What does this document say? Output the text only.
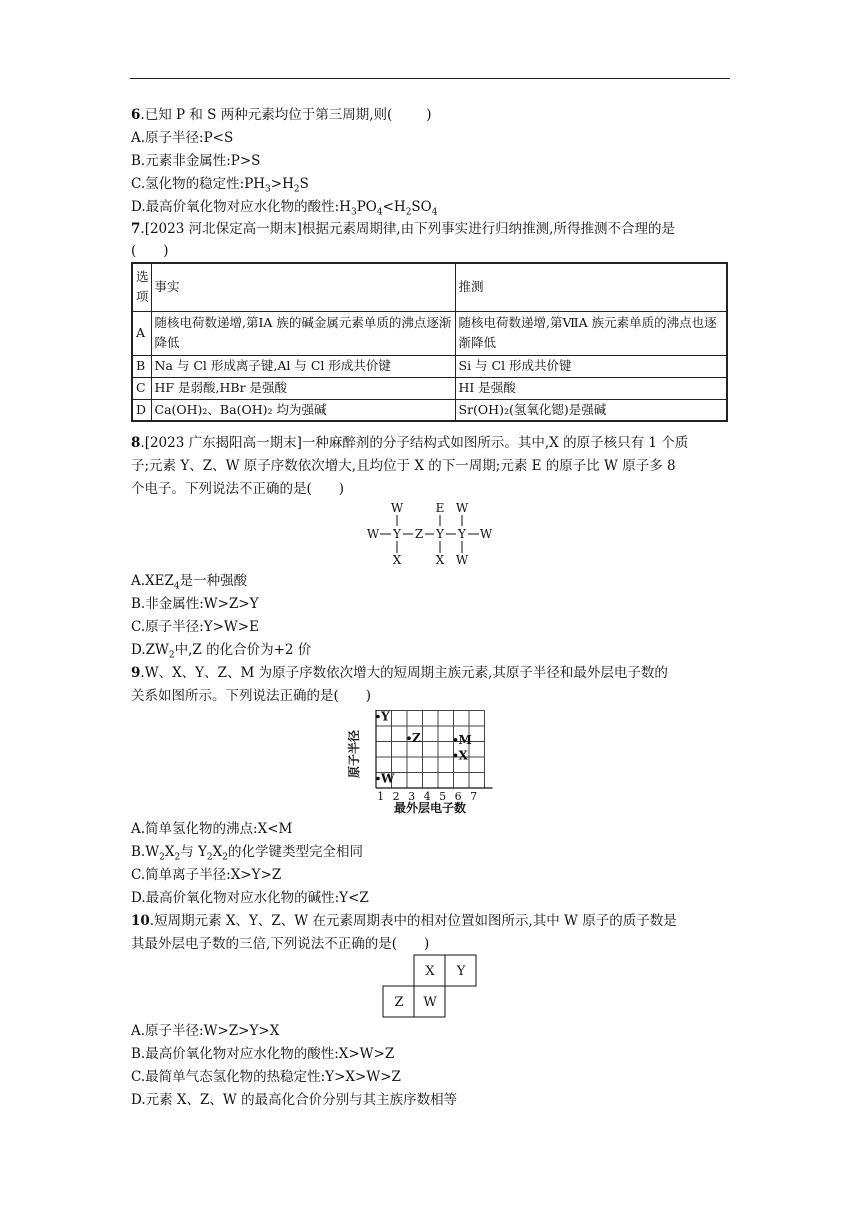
6.已知 P 和 S 两种元素均位于第三周期,则(	)
A.原子半径:P<S
B.元素非金属性:P>S
C.氢化物的稳定性$:PH_3>H_2S$
D.最高价氧化物对应水化物的酸性$:H_3PO_4<H_2SO_4$
7.[2023 河北保定高一期末]根据元素周期律,由下列事实进行归纳推测,所得推测不合理的是
(　　)
选项	事实	推测
A	随核电荷数递增,第ⅠA 族的碱金属元素单质的沸点逐渐降低	随核电荷数递增,第ⅦA 族元素单质的沸点也逐渐降低
B	Na 与 Cl 形成离子键,Al 与 Cl 形成共价键	Si 与 Cl 形成共价键
C	HF 是弱酸,HBr 是强酸	HI 是强酸
D	Ca(OH)₂、Ba(OH)₂ 均为强碱	Sr(OH)₂(氢氧化锶)是强碱
8.[2023 广东揭阳高一期末]一种麻醉剂的分子结构式如图所示。其中,X 的原子核只有 1 个质
子;元素 Y、Z、W 原子序数依次增大,且均位于 X 的下一周期;元素 E 的原子比 W 原子多 8
个电子。下列说法不正确的是(　　)
W	E W
W Y Z Y Y W
X	X W
$A.XEZ_4$是一种强酸
B.非金属性:W>Z>Y
C.原子半径:Y>W>E
$D.ZW_2$中,Z 的化合价为+2 价
9.W、X、Y、Z、M 为原子序数依次增大的短周期主族元素,其原子半径和最外层电子数的
关系如图所示。下列说法正确的是(　　)
1 2 3 4 5 6 7
Y
Z	M
X
W
原子半径
最外层电子数
A.简单氢化物的沸点:X<M
$B.W_2X_2$与 $Y_2X_2$的化学键类型完全相同
C.简单离子半径:X>Y>Z
D.最高价氧化物对应水化物的碱性:Y<Z
10.短周期元素 X、Y、Z、W 在元素周期表中的相对位置如图所示,其中 W 原子的质子数是
其最外层电子数的三倍,下列说法不正确的是(　　)
X Y
Z W
A.原子半径:W>Z>Y>X
B.最高价氧化物对应水化物的酸性:X>W>Z
C.最简单气态氢化物的热稳定性:Y>X>W>Z
D.元素 X、Z、W 的最高化合价分别与其主族序数相等
